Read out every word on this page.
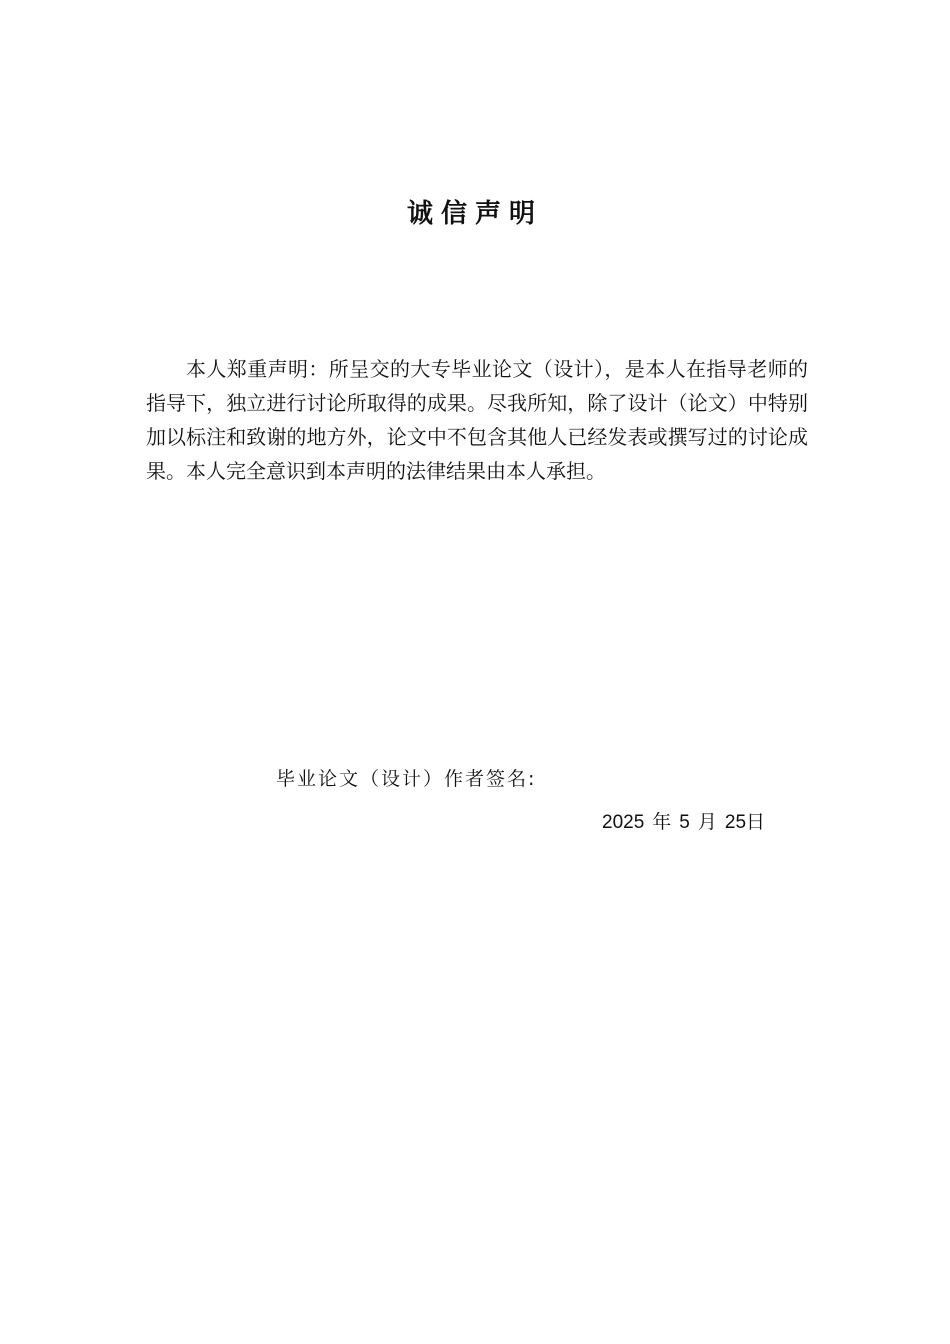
诚信声明

本人郑重声明：所呈交的大专毕业论文（设计），是本人在指导老师的指导下，独立进行讨论所取得的成果。尽我所知，除了设计（论文）中特别加以标注和致谢的地方外，论文中不包含其他人已经发表或撰写过的讨论成果。本人完全意识到本声明的法律结果由本人承担。

毕业论文（设计）作者签名:
2025 年 5 月 25日
